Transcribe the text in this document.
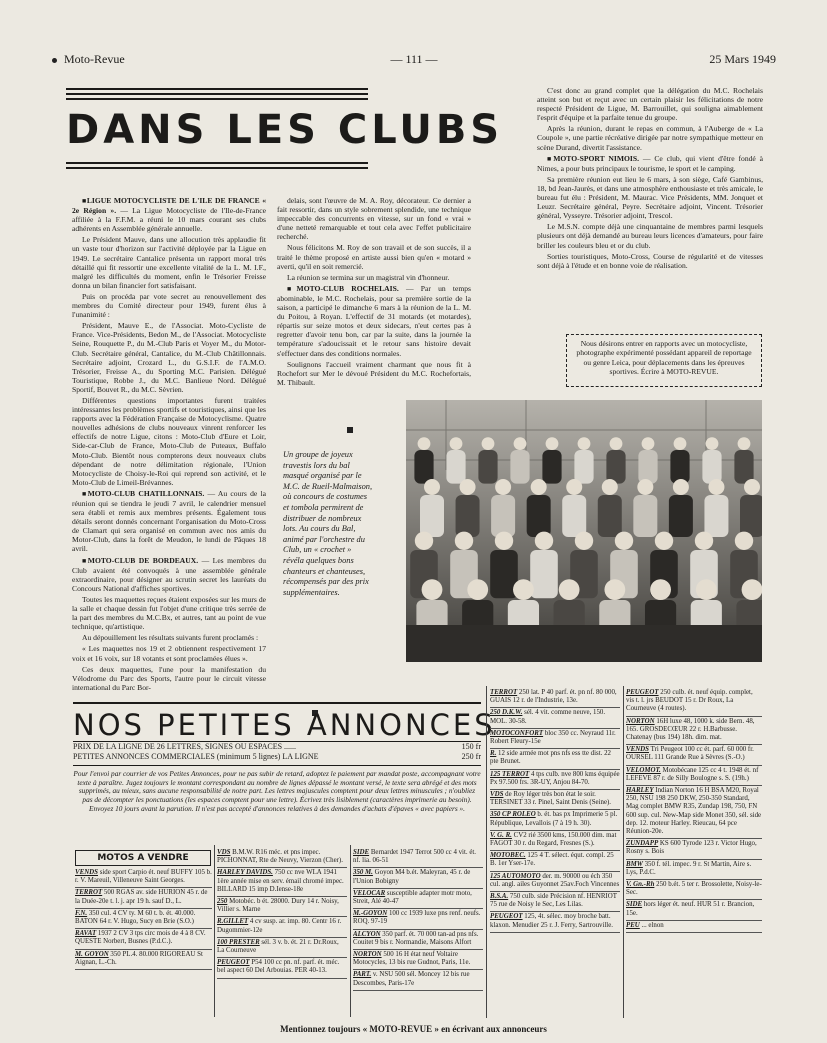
Moto-Revue	— 111 —	25 Mars 1949
DANS LES CLUBS

■ LIGUE MOTOCYCLISTE DE L'ILE DE FRANCE « 2e Région ». — La Ligue Motocycliste de l'Ile-de-France affiliée à la F.F.M. a réuni le 10 mars courant ses clubs adhérents en Assemblée générale annuelle.

Le Président Mauve, dans une allocution très applaudie fit un vaste tour d'horizon sur l'activité déployée par la Ligue en 1949. Le secrétaire Cantalice présenta un rapport moral très détaillé qui fit ressortir une excellente vitalité de la L. M. I.F., malgré les difficultés du moment, enfin le Trésorier Freisse donna un bilan financier fort satisfaisant.

Puis on procéda par vote secret au renouvellement des membres du Comité directeur pour 1949, furent élus à l'unanimité :

Président, Mauve E., de l'Associat. Moto-Cycliste de France. Vice-Présidents, Bedon M., de l'Associat. Motocycliste Seine, Rouquette P., du M.-Club Paris et Voyer M., du Motor-Club. Secrétaire général, Cantalice, du M.-Club Châtillonnais. Secrétaire adjoint, Crozard L., du G.S.I.F. de l'A.M.O. Trésorier, Freisse A., du Sporting M.C. Parisien. Délégué Touristique, Robbe J., du M.C. Banlieue Nord. Délégué Sportif, Bouvet R., du M.C. Sèvrien.

Différentes questions importantes furent traitées intéressantes les problèmes sportifs et touristiques, ainsi que les rapports avec la Fédération Française de Motocyclisme. Quatre nouvelles adhésions de clubs nouveaux vinrent renforcer les effectifs de notre Ligue, citons : Moto-Club d'Eure et Loir, Side-car-Club de France, Moto-Club de Puteaux, Buffalo Moto-Club. Bientôt nous compterons deux nouveaux clubs dépendant de notre délimitation régionale, l'Union Motocycliste de Choisy-le-Roi qui reprend son activité, et le Moto-Club de Limeil-Brévannes.

■ MOTO-CLUB CHATILLONNAIS. — Au cours de la réunion qui se tiendra le jeudi 7 avril, le calendrier mensuel sera établi et remis aux membres présents. Également tous détails seront donnés concernant l'organisation du Moto-Cross de Clamart qui sera organisé en commun avec nos amis du Motor-Club, dans la forêt de Meudon, le lundi de Pâques 18 avril.

■ MOTO-CLUB DE BORDEAUX. — Les membres du Club avaient été convoqués à une assemblée générale extraordinaire, pour désigner au scrutin secret les lauréats du Concours National d'affiches sportives.

Toutes les maquettes reçues étaient exposées sur les murs de la salle et chaque dessin fut l'objet d'une critique très serrée de la part des membres du M.C.Bx, et autres, tant au point de vue technique, qu'artistique.

Au dépouillement les résultats suivants furent proclamés :

« Les maquettes nos 19 et 2 obtiennent respectivement 17 voix et 16 voix, sur 18 votants et sont proclamées élues ».

Ces deux maquettes, l'une pour la manifestation du Vélodrome du Parc des Sports, l'autre pour le circuit vitesse international du Parc Bor-

delais, sont l'œuvre de M. A. Roy, décorateur. Ce dernier a fait ressortir, dans un style sobrement splendide, une technique impeccable des concurrents en vitesse, sur un fond « vrai » d'une netteté remarquable et tout cela avec l'effet publicitaire recherché.

Nous félicitons M. Roy de son travail et de son succès, il a traité le thème proposé en artiste aussi bien qu'en « motard » averti, qu'il en soit remercié.

La réunion se termina sur un magistral vin d'honneur.

■ MOTO-CLUB ROCHELAIS. — Par un temps abominable, le M.C. Rochelais, pour sa première sortie de la saison, a participé le dimanche 6 mars à la réunion de la L. M. du Poitou, à Royan. L'effectif de 31 motards (et motardes), répartis sur seize motos et deux sidecars, n'eut certes pas à regretter d'avoir tenu bon, car par la suite, dans la journée la température s'adoucissait et le retour sans histoire devait s'effectuer dans des conditions normales.

Soulignons l'accueil vraiment charmant que nous fit à Rochefort sur Mer le dévoué Président du M.C. Rochefortais, M. Thibault.

C'est donc au grand complet que la délégation du M.C. Rochelais atteint son but et reçut avec un certain plaisir les félicitations de notre respecté Président de Ligue, M. Barrouillet, qui souligna aimablement l'esprit d'équipe et la parfaite tenue du groupe.

Après la réunion, durant le repas en commun, à l'Auberge de « La Coupole », une partie récréative dirigée par notre sympathique metteur en scène Durand, divertit l'assistance.

■ MOTO-SPORT NIMOIS. — Ce club, qui vient d'être fondé à Nimes, a pour buts principaux le tourisme, le sport et le camping.

Sa première réunion eut lieu le 6 mars, à son siège, Café Gambinus, 18, bd Jean-Jaurès, et dans une atmosphère enthousiaste et très amicale, le bureau fut élu : Président, M. Maurac. Vice Présidents, MM. Jonquet et Leuzr. Secrétaire général, Peyre. Secrétaire adjoint, Vincent. Trésorier général, Vysseyre. Trésorier adjoint, Trescol.

Le M.S.N. compte déjà une cinquantaine de membres parmi lesquels plusieurs ont déjà demandé au bureau leurs licences d'amateurs, pour faire briller les couleurs bleu et or du club.

Sorties touristiques, Moto-Cross, Course de régularité et de vitesses sont déjà à l'étude et en bonne voie de réalisation.

Nous désirons entrer en rapports avec un motocycliste, photographe expérimenté possédant appareil de reportage ou genre Leica, pour déplacements dans les épreuves sportives. Écrire à MOTO-REVUE.
Un groupe de joyeux travestis lors du bal masqué organisé par le M.C. de Rueil-Malmaison, où concours de costumes et tombola permirent de distribuer de nombreux lots. Au cours du Bal, animé par l'orchestre du Club, un « crochet » révéla quelques bons chanteurs et chanteuses, récompensés par des prix supplémentaires.
NOS PETITES ANNONCES
PRIX DE LA LIGNE DE 26 LETTRES, SIGNES OU ESPACES ......	150 fr
PETITES ANNONCES COMMERCIALES (minimum 5 lignes) LA LIGNE	250 fr
Pour l'envoi par courrier de vos Petites Annonces, pour ne pas subir de retard, adoptez le paiement par mandat poste, accompagnant votre texte à paraître. Jugez toujours le montant correspondant au nombre de lignes dépassé le montant versé, le texte sera abrégé et des mots supprimés, au mieux, sans aucune responsabilité de notre part. Les lettres majuscules comptent pour deux lettres minuscules ; n'oubliez pas de décompter les ponctuations (les espaces comptent pour une lettre). Écrivez très lisiblement (caractères imprimerie au besoin). Envoyez 10 jours avant la parution. Il n'est pas accepté d'annonces relatives à des demandes d'achats d'épaves « avec papiers ».
MOTOS A VENDRE
VENDS side sport Carpio ét. neuf BUFFY 105 b. r. V. Mareuil, Villeneuve Saint Georges.
TERROT 500 RGAS av. side HURION 45 r. de la Duée-20e t. l. j. apr 19 h. sauf D., L.
F.N. 350 cul. 4 CV ty. M 60 t. b. ét. 40.000. BATON 64 r. V. Hugo, Sucy en Brie (S.O.)
RAVAT 1937 2 CV 3 tps circ mois de 4 à 8 CV. QUESTE Norbert, Busnes (P.d.C.).
M. GOYON 350 PL.4. 80.000 RIGOREAU St Aignan, L.-Ch.
VDS B.M.W. R16 méc. et pns impec. PICHONNAT, Rte de Neuvy, Vierzon (Cher).
HARLEY DAVIDS. 750 cc nve WLA 1941 1ère année mise en serv. émail chromé impec. BILLARD 15 imp D.Iense-18e
250 Motobéc. b ét. 28000. Dury 14 r. Noisy, Villier s. Marne
R.GILLET 4 cv susp. ar. imp. 80. Centr 16 r. Dugommier-12e
100 PRESTER sél. 3 v. b. ét. 21 r. Dr.Roux, La Courneuve
PEUGEOT P54 100 cc pn. nf. parf. ét. méc. bel aspect 60 Del Arbouias. PER 40-13.
SIDE Bernardet 1947 Terrot 500 cc 4 vit. ét. nf. lia. 06-51
350 M. Goyon M4 b.ét. Maleyran, 45 r. de l'Union Bobigny
VELOCAR susceptible adapter motr moto, Streit, Alé 40-47
M.-GOYON 100 cc 1939 luxe pns renf. neufs. ROQ. 97-19
ALCYON 350 parf. ét. 70 000 tan-ad pns nfs. Couitet 9 bis r. Normandie, Maisons Alfort
NORTON 500 16 H état neuf Voltaire Motocycles, 13 bis rue Gudnot, Paris, 11e.
PART. v. NSU 500 sél. Moncey 12 bis rue Descombes, Paris-17e
TERROT 250 lat. P 40 parf. ét. pn nf. 80 000, GUAIS 12 r. de l'Industrie, 13e.
250 D.K.W. sél. 4 vit. comme neuve, 150. MOL. 30-58.
MOTOCONFORT bloc 350 cc. Neyraud 11r. Robert Fleury-15e
R. 12 side armée mot pns nfs ess tte dist. 22 pte Brunet.
125 TERROT 4 tps culb. nve 800 kms équipée Px 97.500 frs. 3R-UY, Anjou 84-70.
VDS de Roy léger très bon état le soir. TERSINET 33 r. Pinel, Saint Denis (Seine).
350 CP ROLEO b. ét. bas px Imprimerie 5 pl. République, Levallois (7 à 19 h. 30).
V. G. R. CV2 rié 3500 kms, 150.000 dim. mat FAGOT 30 r. du Regard, Fresnes (S.).
MOTOBEC. 125 4 T. sélect. équt. compl. 25 B. 1er Yser-17e.
125 AUTOMOTO der. m. 90000 ou éch 350 cul. angl. ailes Guyonnet 25av.Foch Vincennes
B.S.A. 750 culb. side Précision nf. HENRIOT 75 rue de Noisy le Sec, Les Lilas.
PEUGEOT 125, 4t. sélec. moy broche batt. klaxon. Menudier 25 r. J. Ferry, Sartrouville.
PEUGEOT 250 culb. ét. neuf équip. complet, vis t. l. jrs BEUDOT 15 r. Dr Roux, La Courneuve (4 routes).
NORTON 16H luxe 48, 1000 k. side Bern. 48, 165. GROSDECŒUR 22 r. H.Barbusse. Chatenay (bus 194) 18h. dim. mat.
VENDS Tri Peugeot 100 cc ét. parf. 60 000 fr. OURSEL 111 Grande Rue à Sèvres (S.-O.)
VELOMOT. Motobécane 125 cc 4 t. 1948 ét. nf LEFEVE 87 r. de Silly Boulogne s. S. (19h.)
HARLEY Indian Norton 16 H BSA M20, Royal 250, NSU 198 250 DKW, 250-350 Standard, Mag complet BMW R35, Zundap 198, 750, FN 600 sup. cul. New-Map side Monet 350, sél. side dep. 12. moteur Harley. Rieucau, 64 pce Réunion-20e.
ZUNDAPP KS 600 Tyrode 123 r. Victor Hugo, Rosny s. Bois
BMW 350 f. tél. impec. 9 r. St Martin, Aire s. Lys, P.d.C.
V. Gn.-Rh 250 b.ét. 5 ter r. Brossolette, Noisy-le-Sec.
SIDE hors léger ét. neuf. HUR 51 r. Brancion, 15e.
PEU ... elnon
Mentionnez toujours « MOTO-REVUE » en écrivant aux annonceurs
